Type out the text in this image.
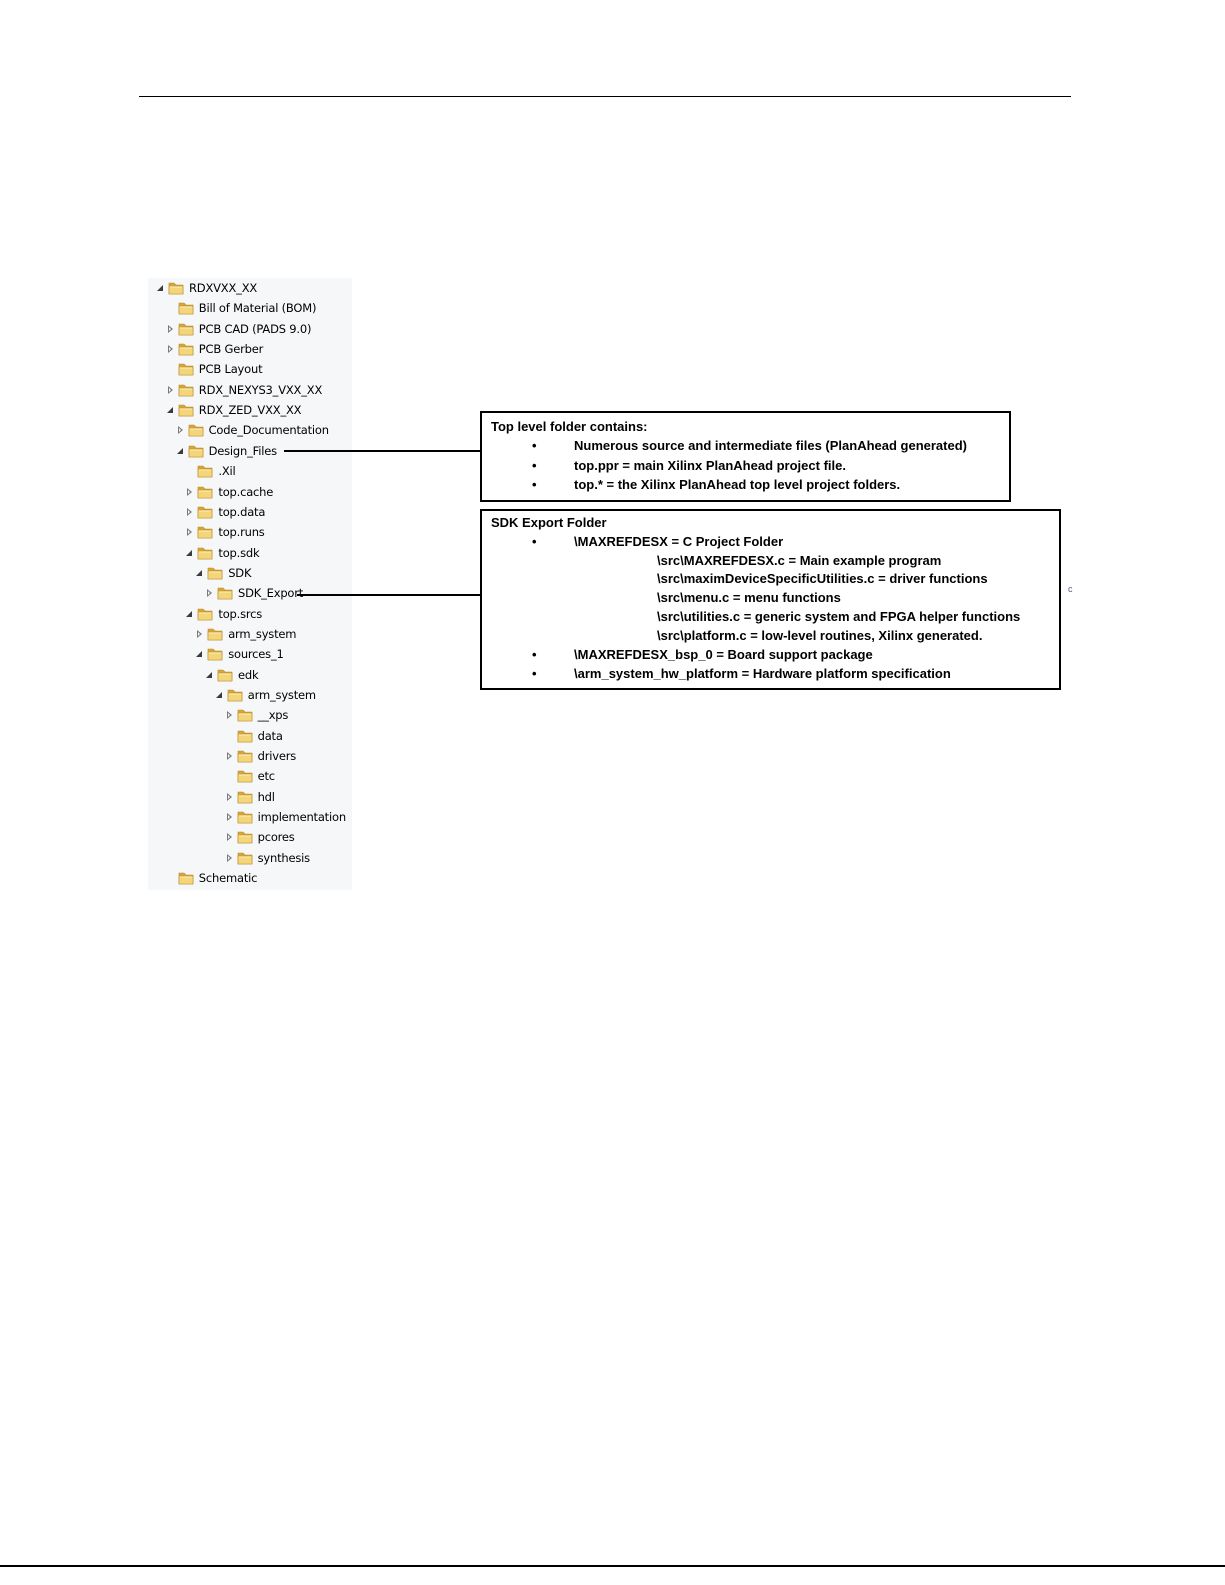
RDXVXX_XX
Bill of Material (BOM)
PCB CAD (PADS 9.0)
PCB Gerber
PCB Layout
RDX_NEXYS3_VXX_XX
RDX_ZED_VXX_XX
Code_Documentation
Design_Files
.Xil
top.cache
top.data
top.runs
top.sdk
SDK
SDK_Export
top.srcs
arm_system
sources_1
edk
arm_system
__xps
data
drivers
etc
hdl
implementation
pcores
synthesis
Schematic
Top level folder contains:
•	Numerous source and intermediate files (PlanAhead generated)
•	top.ppr = main Xilinx PlanAhead project file.
•	top.* = the Xilinx PlanAhead top level project folders.
SDK Export Folder
•	\MAXREFDESX = C Project Folder
\src\MAXREFDESX.c = Main example program
\src\maximDeviceSpecificUtilities.c = driver functions
\src\menu.c = menu functions
\src\utilities.c = generic system and FPGA helper functions
\src\platform.c = low-level routines, Xilinx generated.
•	\MAXREFDESX_bsp_0 = Board support package
•	\arm_system_hw_platform = Hardware platform specification
c
